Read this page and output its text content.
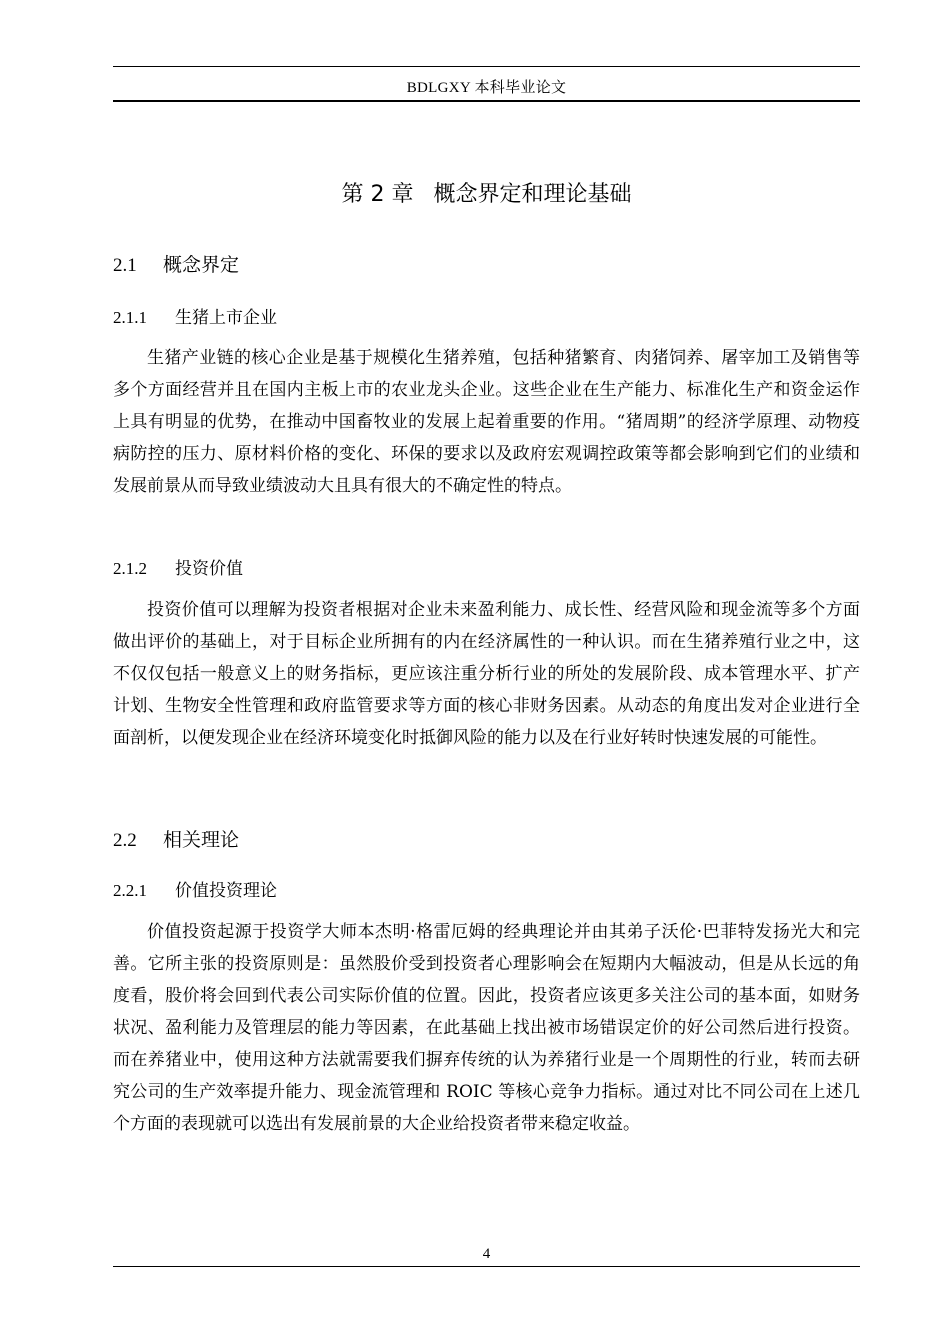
BDLGXY 本科毕业论文
第 2 章 概念界定和理论基础
2.1 概念界定
2.1.1 生猪上市企业

生猪产业链的核心企业是基于规模化生猪养殖，包括种猪繁育、肉猪饲养、屠宰加工及销售等多个方面经营并且在国内主板上市的农业龙头企业。这些企业在生产能力、标准化生产和资金运作上具有明显的优势，在推动中国畜牧业的发展上起着重要的作用。“猪周期”的经济学原理、动物疫病防控的压力、原材料价格的变化、环保的要求以及政府宏观调控政策等都会影响到它们的业绩和发展前景从而导致业绩波动大且具有很大的不确定性的特点。

2.1.2 投资价值

投资价值可以理解为投资者根据对企业未来盈利能力、成长性、经营风险和现金流等多个方面做出评价的基础上，对于目标企业所拥有的内在经济属性的一种认识。而在生猪养殖行业之中，这不仅仅包括一般意义上的财务指标，更应该注重分析行业的所处的发展阶段、成本管理水平、扩产计划、生物安全性管理和政府监管要求等方面的核心非财务因素。从动态的角度出发对企业进行全面剖析，以便发现企业在经济环境变化时抵御风险的能力以及在行业好转时快速发展的可能性。

2.2 相关理论
2.2.1 价值投资理论

价值投资起源于投资学大师本杰明·格雷厄姆的经典理论并由其弟子沃伦·巴菲特发扬光大和完善。它所主张的投资原则是：虽然股价受到投资者心理影响会在短期内大幅波动，但是从长远的角度看，股价将会回到代表公司实际价值的位置。因此，投资者应该更多关注公司的基本面，如财务状况、盈利能力及管理层的能力等因素，在此基础上找出被市场错误定价的好公司然后进行投资。而在养猪业中，使用这种方法就需要我们摒弃传统的认为养猪行业是一个周期性的行业，转而去研究公司的生产效率提升能力、现金流管理和 ROIC 等核心竞争力指标。通过对比不同公司在上述几个方面的表现就可以选出有发展前景的大企业给投资者带来稳定收益。

4
